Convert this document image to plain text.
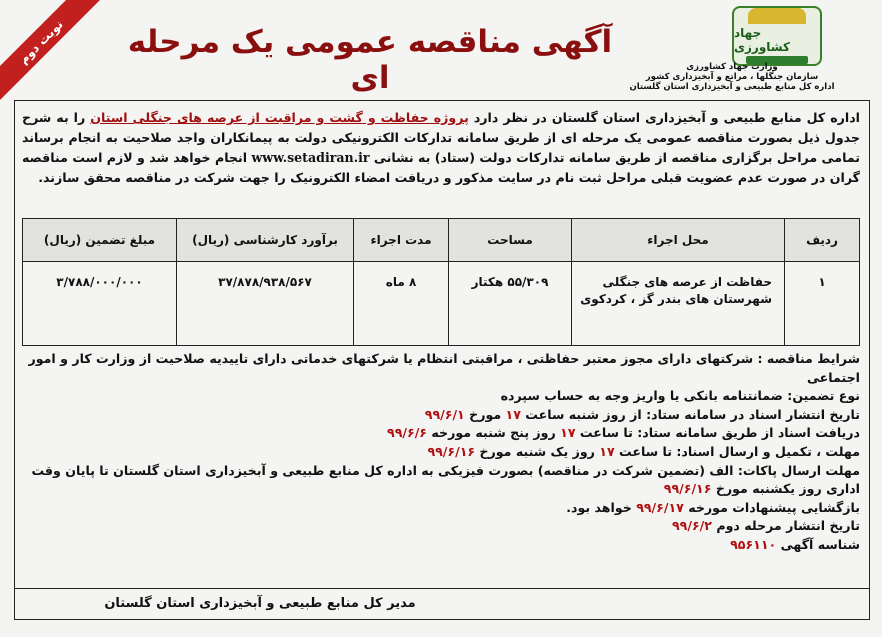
نوبت دوم	جهاد کشاورزی
وزارت جهاد کشاورزی
سازمان جنگلها ، مراتع و آبخیزداری کشور
اداره کل منابع طبیعی و آبخیزداری استان گلستان
آگهی مناقصه عمومی یک مرحله ای
اداره کل منابع طبیعی و آبخیزداری استان گلستان در نظر دارد پروژه حفاظت و گشت و مراقبت از عرصه های جنگلی استان را به شرح جدول ذیل بصورت مناقصه عمومی یک مرحله ای از طریق سامانه تدارکات الکترونیکی دولت به پیمانکاران واجد صلاحیت به انجام برساند تمامی مراحل برگزاری مناقصه از طریق سامانه تدارکات دولت (ستاد) به نشانی www.setadiran.ir انجام خواهد شد و لازم است مناقصه گران در صورت عدم عضویت قبلی مراحل ثبت نام در سایت مذکور و دریافت امضاء الکترونیک را جهت شرکت در مناقصه محقق سازند.
ردیف	محل اجراء	مساحت	مدت اجراء	برآورد کارشناسی (ریال)	مبلغ تضمین (ریال)
۱	حفاظت از عرصه های جنگلی شهرستان های بندر گز ، کردکوی	۵۵/۳۰۹ هکتار	۸ ماه	۳۷/۸۷۸/۹۳۸/۵۶۷	۳/۷۸۸/۰۰۰/۰۰۰

شرایط مناقصه : شرکتهای دارای مجوز معتبر حفاظتی ، مراقبتی انتظام یا شرکتهای خدماتی دارای تاییدیه صلاحیت از وزارت کار و امور اجتماعی

نوع تضمین: ضمانتنامه بانکی یا واریز وجه به حساب سپرده

تاریخ انتشار اسناد در سامانه ستاد: از روز شنبه ساعت ۱۷ مورخ ۹۹/۶/۱

دریافت اسناد از طریق سامانه ستاد: تا ساعت ۱۷ روز پنج شنبه مورخه ۹۹/۶/۶

مهلت ، تکمیل و ارسال اسناد: تا ساعت ۱۷ روز یک شنبه مورخ ۹۹/۶/۱۶

مهلت ارسال پاکات: الف (تضمین شرکت در مناقصه) بصورت فیزیکی به اداره کل منابع طبیعی و آبخیزداری استان گلستان تا پایان وقت اداری روز یکشنبه مورخ ۹۹/۶/۱۶

بازگشایی پیشنهادات مورخه ۹۹/۶/۱۷ خواهد بود.

تاریخ انتشار مرحله دوم ۹۹/۶/۲

شناسه آگهی ۹۵۶۱۱۰

مدیر کل منابع طبیعی و آبخیزداری استان گلستان
